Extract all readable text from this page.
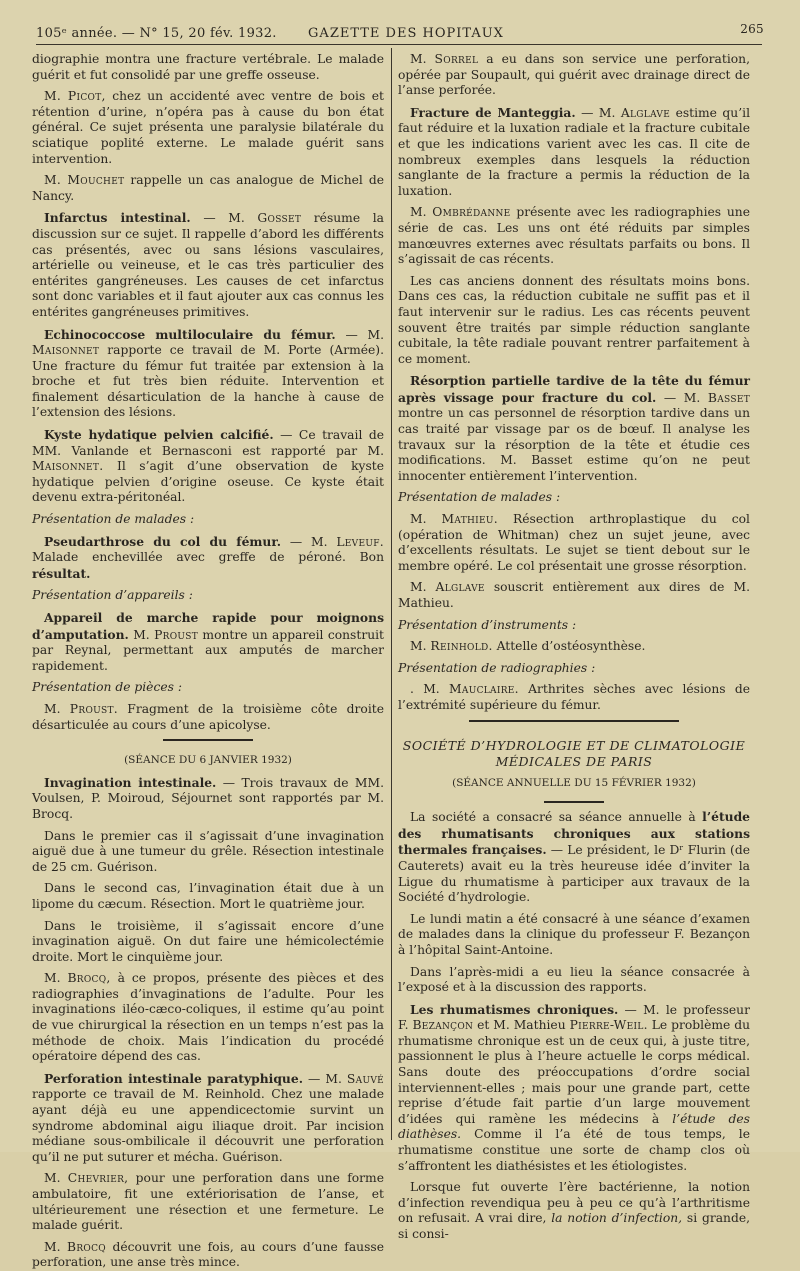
105ᵉ année. — N° 15, 20 fév. 1932. GAZETTE DES HOPITAUX	265

diographie montra une fracture vertébrale. Le malade guérit et fut consolidé par une greffe osseuse.

M. Picot, chez un accidenté avec ventre de bois et rétention d’urine, n’opéra pas à cause du bon état général. Ce sujet présenta une paralysie bilatérale du sciatique poplité externe. Le malade guérit sans intervention.

M. Mouchet rappelle un cas analogue de Michel de Nancy.

Infarctus intestinal. — M. Gosset résume la discussion sur ce sujet. Il rappelle d’abord les différents cas présentés, avec ou sans lésions vasculaires, artérielle ou veineuse, et le cas très particulier des entérites gangréneuses. Les causes de cet infarctus sont donc variables et il faut ajouter aux cas connus les entérites gangréneuses primitives.

Echinococcose multiloculaire du fémur. — M. Maisonnet rapporte ce travail de M. Porte (Armée). Une fracture du fémur fut traitée par extension à la broche et fut très bien réduite. Intervention et finalement désarticulation de la hanche à cause de l’extension des lésions.

Kyste hydatique pelvien calcifié. — Ce travail de MM. Vanlande et Bernasconi est rapporté par M. Maisonnet. Il s’agit d’une observation de kyste hydatique pelvien d’origine oseuse. Ce kyste était devenu extra-péritonéal.

Présentation de malades :

Pseudarthrose du col du fémur. — M. Leveuf. Malade enchevillée avec greffe de péroné. Bon résultat.

Présentation d’appareils :

Appareil de marche rapide pour moignons d’amputation. M. Proust montre un appareil construit par Reynal, permettant aux amputés de marcher rapidement.

Présentation de pièces :

M. Proust. Fragment de la troisième côte droite désarticulée au cours d’une apicolyse.

(SÉANCE DU 6 JANVIER 1932)

Invagination intestinale. — Trois travaux de MM. Voulsen, P. Moiroud, Séjournet sont rapportés par M. Brocq.

Dans le premier cas il s’agissait d’une invagination aiguë due à une tumeur du grêle. Résection intestinale de 25 cm. Guérison.

Dans le second cas, l’invagination était due à un lipome du cæcum. Résection. Mort le quatrième jour.

Dans le troisième, il s’agissait encore d’une invagination aiguë. On dut faire une hémicolectémie droite. Mort le cinquième jour.

M. Brocq, à ce propos, présente des pièces et des radiographies d’invaginations de l’adulte. Pour les invaginations iléo-cæco-coliques, il estime qu’au point de vue chirurgical la résection en un temps n’est pas la méthode de choix. Mais l’indication du procédé opératoire dépend des cas.

Perforation intestinale paratyphique. — M. Sauvé rapporte ce travail de M. Reinhold. Chez une malade ayant déjà eu une appendicectomie survint un syndrome abdominal aigu iliaque droit. Par incision médiane sous-ombilicale il découvrit une perforation qu’il ne put suturer et mécha. Guérison.

M. Chevrier, pour une perforation dans une forme ambulatoire, fit une extériorisation de l’anse, et ultérieurement une résection et une fermeture. Le malade guérit.

M. Brocq découvrit une fois, au cours d’une fausse perforation, une anse très mince.

M. Sorrel a eu dans son service une perforation, opérée par Soupault, qui guérit avec drainage direct de l’anse perforée.

Fracture de Manteggia. — M. Alglave estime qu’il faut réduire et la luxation radiale et la fracture cubitale et que les indications varient avec les cas. Il cite de nombreux exemples dans lesquels la réduction sanglante de la fracture a permis la réduction de la luxation.

M. Ombrédanne présente avec les radiographies une série de cas. Les uns ont été réduits par simples manœuvres externes avec résultats parfaits ou bons. Il s’agissait de cas récents.

Les cas anciens donnent des résultats moins bons. Dans ces cas, la réduction cubitale ne suffit pas et il faut intervenir sur le radius. Les cas récents peuvent souvent être traités par simple réduction sanglante cubitale, la tête radiale pouvant rentrer parfaitement à ce moment.

Résorption partielle tardive de la tête du fémur après vissage pour fracture du col. — M. Basset montre un cas personnel de résorption tardive dans un cas traité par vissage par os de bœuf. Il analyse les travaux sur la résorption de la tête et étudie ces modifications. M. Basset estime qu’on ne peut innocenter entièrement l’intervention.

Présentation de malades :

M. Mathieu. Résection arthroplastique du col (opération de Whitman) chez un sujet jeune, avec d’excellents résultats. Le sujet se tient debout sur le membre opéré. Le col présentait une grosse résorption.

M. Alglave souscrit entièrement aux dires de M. Mathieu.

Présentation d’instruments :

M. Reinhold. Attelle d’ostéosynthèse.

Présentation de radiographies :

. M. Mauclaire. Arthrites sèches avec lésions de l’extrémité supérieure du fémur.

SOCIÉTÉ D’HYDROLOGIE ET DE CLIMATOLOGIE
MÉDICALES DE PARIS

(SÉANCE ANNUELLE DU 15 FÉVRIER 1932)

La société a consacré sa séance annuelle à l’étude des rhumatisants chroniques aux stations thermales françaises. — Le président, le Dʳ Flurin (de Cauterets) avait eu la très heureuse idée d’inviter la Ligue du rhumatisme à participer aux travaux de la Société d’hydrologie.

Le lundi matin a été consacré à une séance d’examen de malades dans la clinique du professeur F. Bezançon à l’hôpital Saint-Antoine.

Dans l’après-midi a eu lieu la séance consacrée à l’exposé et à la discussion des rapports.

Les rhumatismes chroniques. — M. le professeur F. Bezançon et M. Mathieu Pierre-Weil. Le problème du rhumatisme chronique est un de ceux qui, à juste titre, passionnent le plus à l’heure actuelle le corps médical. Sans doute des préoccupations d’ordre social interviennent-elles ; mais pour une grande part, cette reprise d’étude fait partie d’un large mouvement d’idées qui ramène les médecins à l’étude des diathèses. Comme il l’a été de tous temps, le rhumatisme constitue une sorte de champ clos où s’affrontent les diathésistes et les étiologistes.

Lorsque fut ouverte l’ère bactérienne, la notion d’infection revendiqua peu à peu ce qu’à l’arthritisme on refusait. A vrai dire, la notion d’infection, si grande, si consi-
